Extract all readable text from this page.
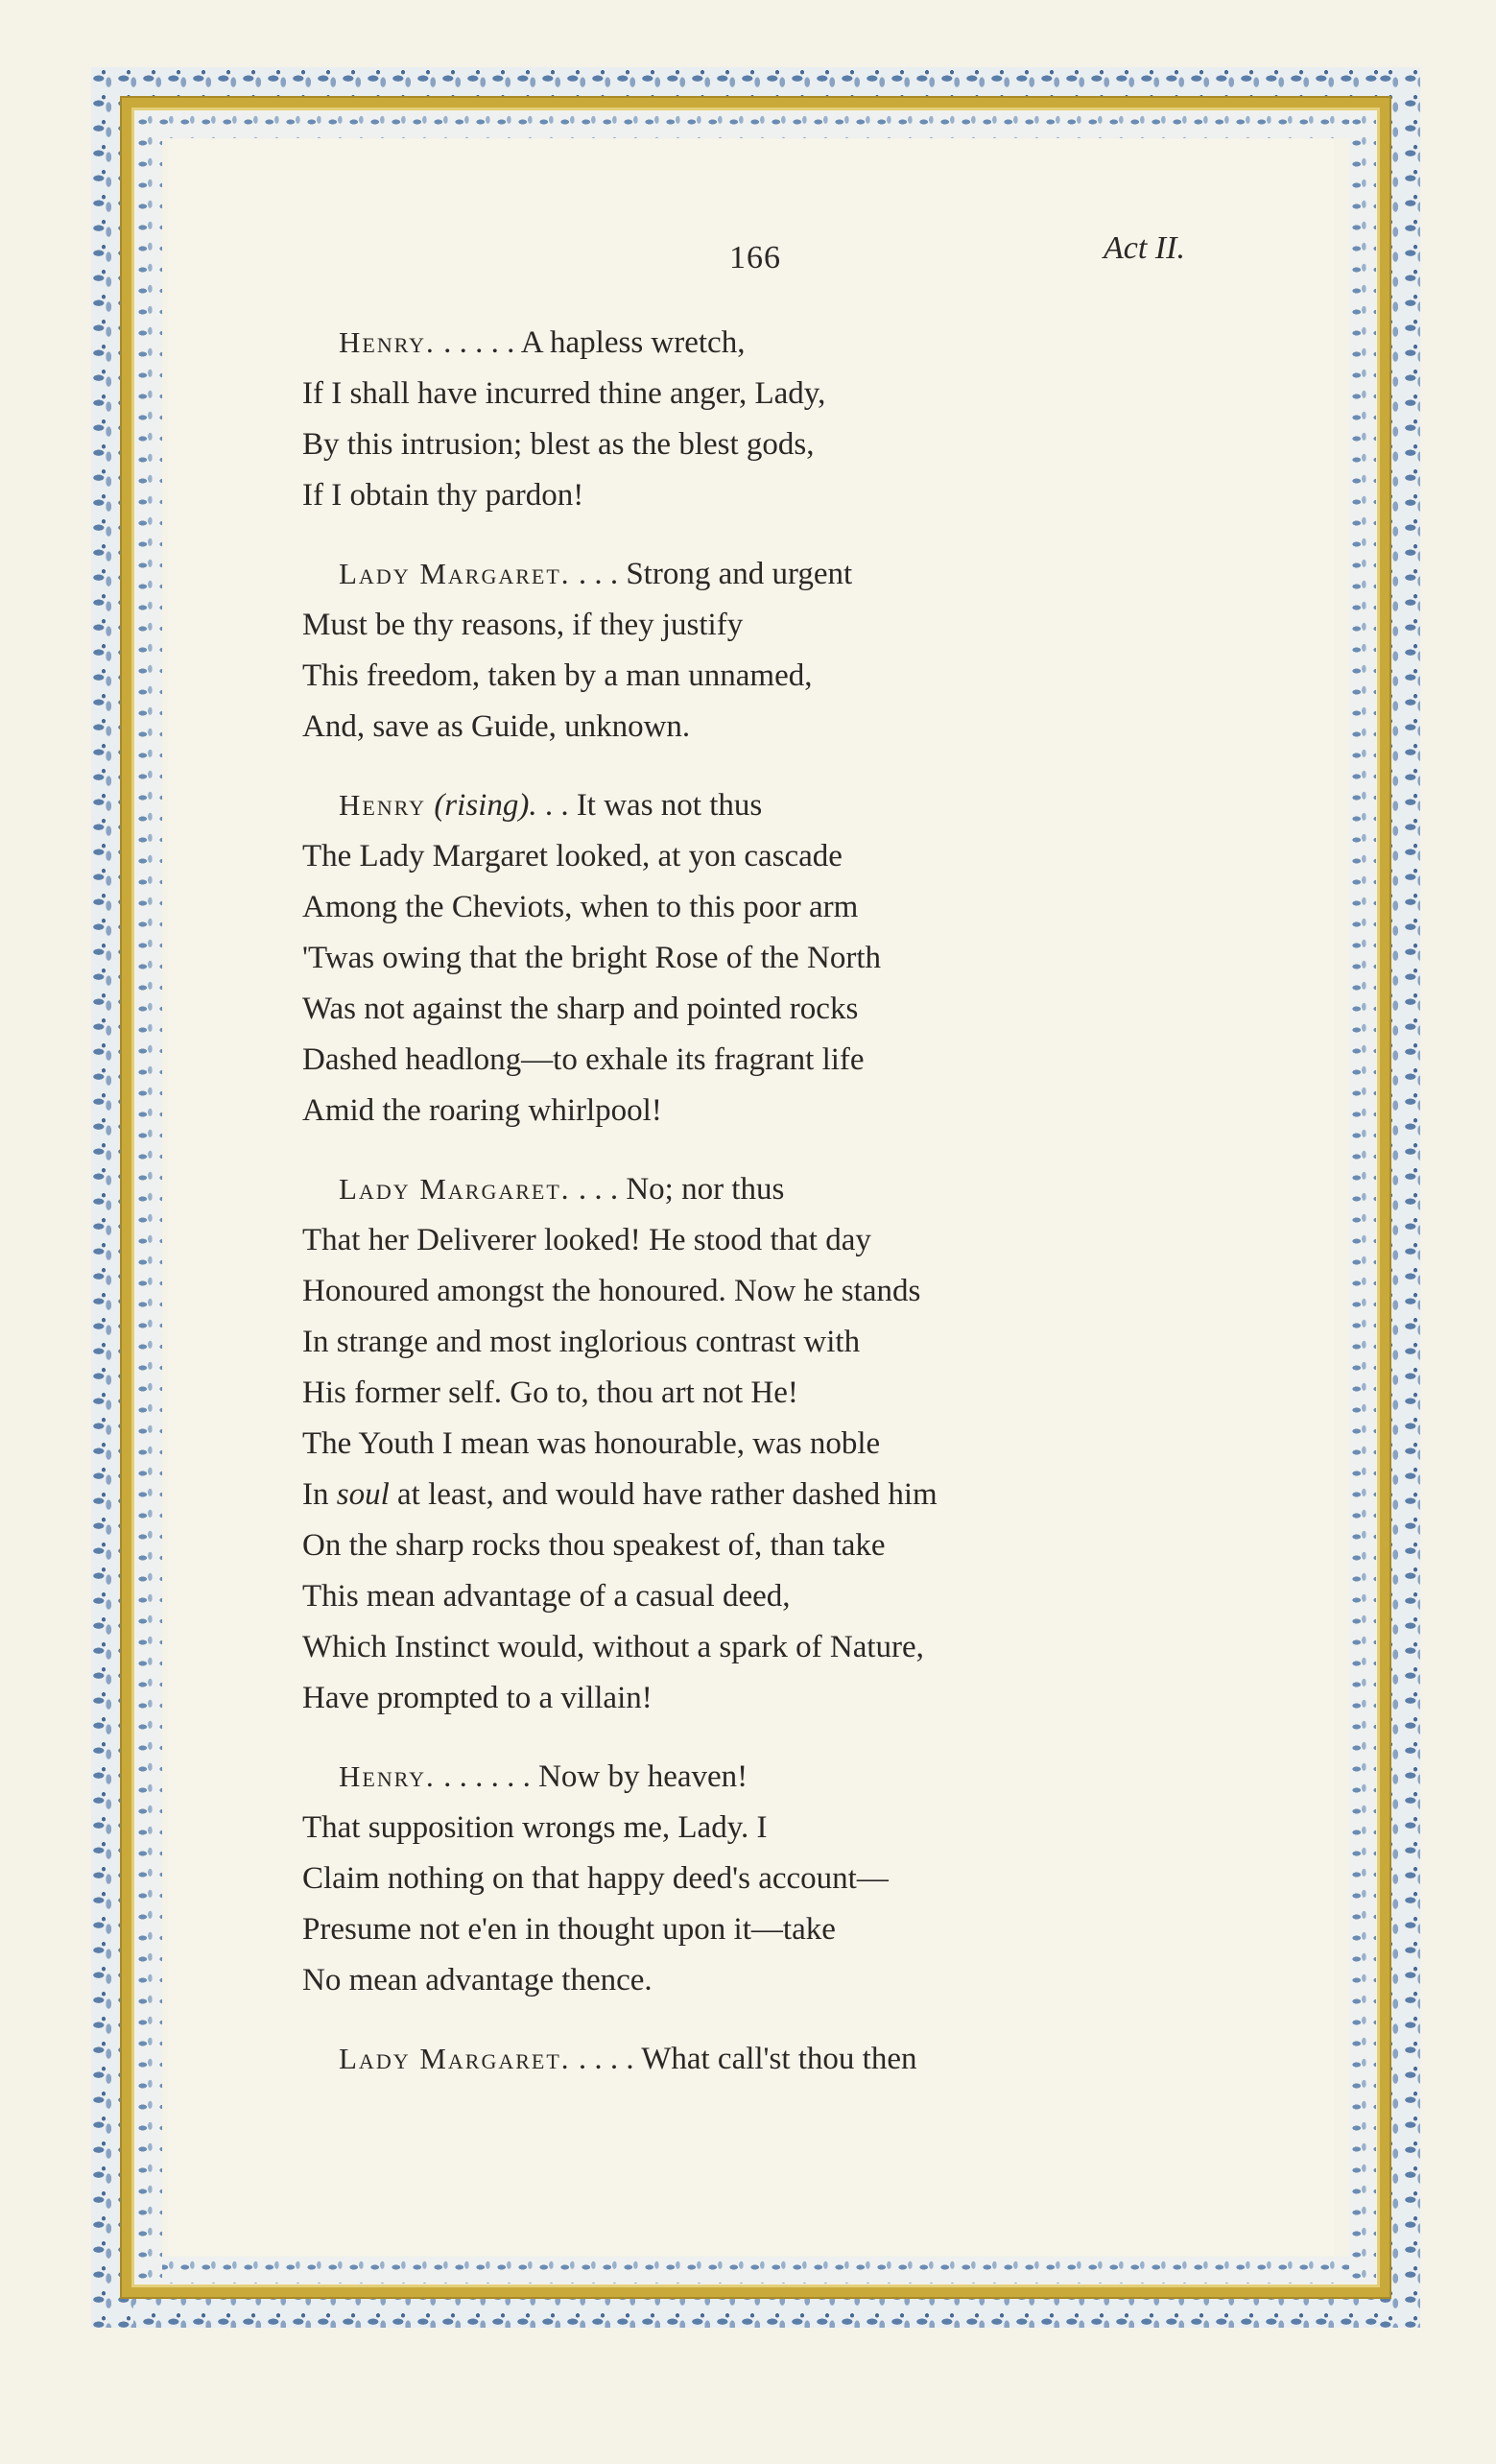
166	Act II.
Henry. . . . . . A hapless wretch,
If I shall have incurred thine anger, Lady,
By this intrusion; blest as the blest gods,
If I obtain thy pardon!
Lady Margaret. . . . Strong and urgent
Must be thy reasons, if they justify
This freedom, taken by a man unnamed,
And, save as Guide, unknown.
Henry (rising). . . It was not thus
The Lady Margaret looked, at yon cascade
Among the Cheviots, when to this poor arm
'Twas owing that the bright Rose of the North
Was not against the sharp and pointed rocks
Dashed headlong—to exhale its fragrant life
Amid the roaring whirlpool!
Lady Margaret. . . . No; nor thus
That her Deliverer looked! He stood that day
Honoured amongst the honoured. Now he stands
In strange and most inglorious contrast with
His former self. Go to, thou art not He!
The Youth I mean was honourable, was noble
In soul at least, and would have rather dashed him
On the sharp rocks thou speakest of, than take
This mean advantage of a casual deed,
Which Instinct would, without a spark of Nature,
Have prompted to a villain!
Henry. . . . . . . Now by heaven!
That supposition wrongs me, Lady. I
Claim nothing on that happy deed's account—
Presume not e'en in thought upon it—take
No mean advantage thence.
Lady Margaret. . . . . What call'st thou then
